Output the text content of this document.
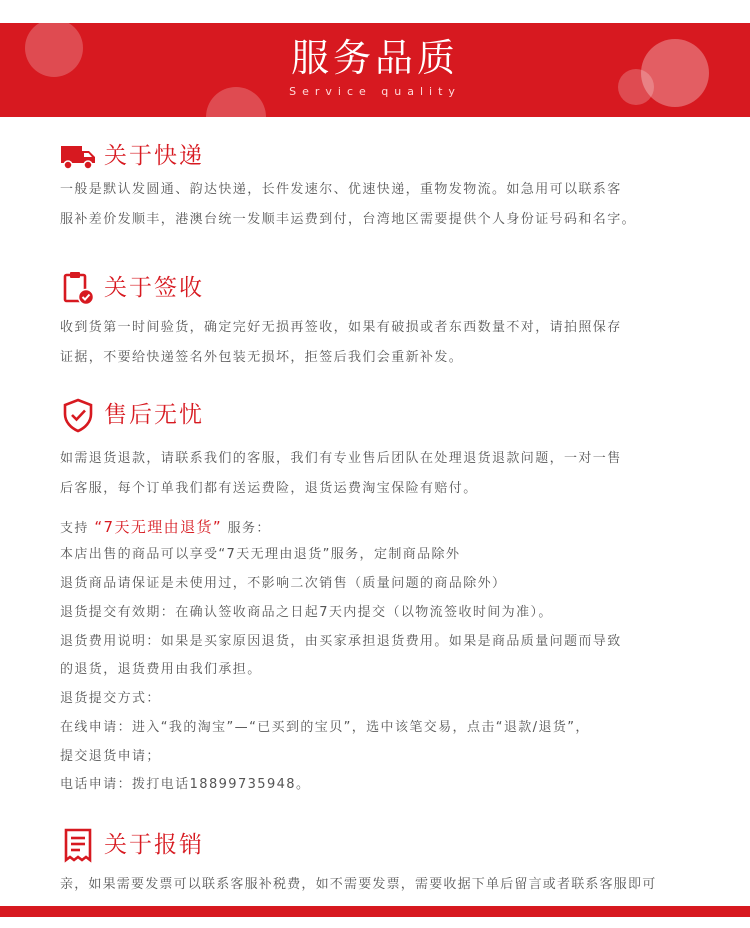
服务品质
Service quality
关于快递
一般是默认发圆通、韵达快递，长件发速尔、优速快递，重物发物流。如急用可以联系客
服补差价发顺丰，港澳台统一发顺丰运费到付，台湾地区需要提供个人身份证号码和名字。
关于签收
收到货第一时间验货，确定完好无损再签收，如果有破损或者东西数量不对，请拍照保存
证据，不要给快递签名外包装无损坏，拒签后我们会重新补发。
售后无忧
如需退货退款，请联系我们的客服，我们有专业售后团队在处理退货退款问题，一对一售
后客服，每个订单我们都有送运费险，退货运费淘宝保险有赔付。
支持 “7天无理由退货” 服务：
本店出售的商品可以享受“7天无理由退货”服务，定制商品除外
退货商品请保证是未使用过，不影响二次销售（质量问题的商品除外）
退货提交有效期：在确认签收商品之日起7天内提交（以物流签收时间为准）。
退货费用说明：如果是买家原因退货，由买家承担退货费用。如果是商品质量问题而导致
的退货，退货费用由我们承担。
退货提交方式：
在线申请：进入“我的淘宝”—“已买到的宝贝”，选中该笔交易，点击“退款/退货”，
提交退货申请；
电话申请：拨打电话18899735948。
关于报销
亲，如果需要发票可以联系客服补税费，如不需要发票，需要收据下单后留言或者联系客服即可
